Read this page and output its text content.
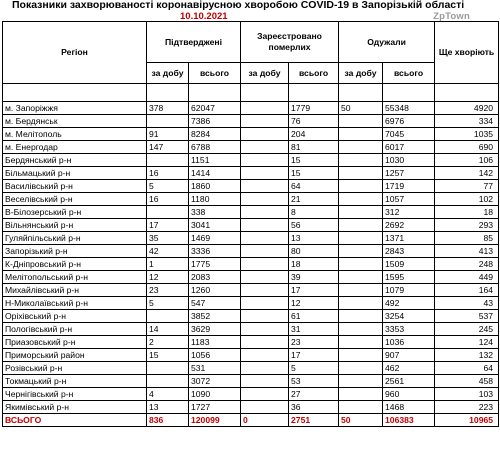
Показники захворюваності коронавірусною хворобою COVID-19 в Запорізькій області
10.10.2021	ZpTown
Регіон	Підтверджені		Зареєстровано померлих		Одужали		Ще хворіють
	за добу	всього	за добу	всього	за добу	всього	

м. Запоріжжя	378	62047		1779	50	55348	4920
м. Бердянськ		7386		76		6976	334
м. Мелітополь	91	8284		204		7045	1035
м. Енергодар	147	6788		81		6017	690
Бердянський р-н		1151		15		1030	106
Більмацький р-н	16	1414		15		1257	142
Василівський р-н	5	1860		64		1719	77
Веселівський р-н	16	1180		21		1057	102
В-Білозерський р-н		338		8		312	18
Вільнянський р-н	17	3041		56		2692	293
Гуляйпільський р-н	35	1469		13		1371	85
Запорізький р-н	42	3336		80		2843	413
К-Дніпровський р-н	1	1775		18		1509	248
Мелітопольський р-н	12	2083		39		1595	449
Михайлівський р-н	23	1260		17		1079	164
Н-Миколаївський р-н	5	547		12		492	43
Оріхівський р-н		3852		61		3254	537
Пологівський р-н	14	3629		31		3353	245
Приазовський р-н	2	1183		23		1036	124
Приморський район	15	1056		17		907	132
Розівський р-н		531		5		462	64
Токмацький р-н		3072		53		2561	458
Чернігівський р-н	4	1090		27		960	103
Якимівський р-н	13	1727		36		1468	223
ВСЬОГО	836	120099	0	2751	50	106383	10965
